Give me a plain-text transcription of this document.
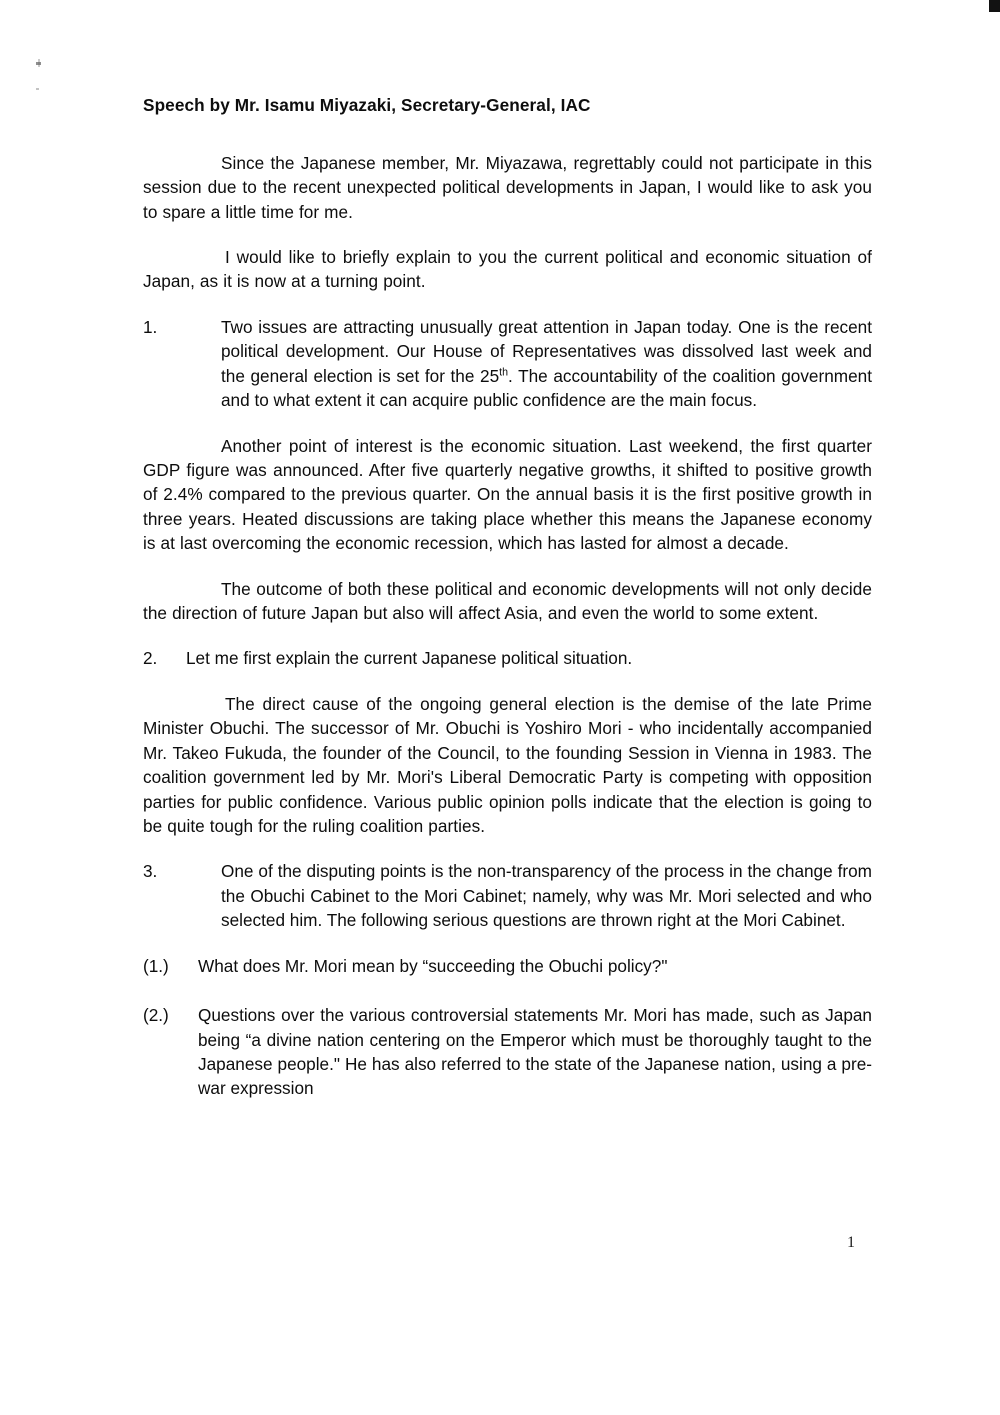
Speech by Mr. Isamu Miyazaki, Secretary-General, IAC

Since the Japanese member, Mr. Miyazawa, regrettably could not participate in this session due to the recent unexpected political developments in Japan, I would like to ask you to spare a little time for me.

I would like to briefly explain to you the current political and economic situation of Japan, as it is now at a turning point.

1.	Two issues are attracting unusually great attention in Japan today. One is the recent political development. Our House of Representatives was dissolved last week and the general election is set for the 25th. The accountability of the coalition government and to what extent it can acquire public confidence are the main focus.

Another point of interest is the economic situation. Last weekend, the first quarter GDP figure was announced. After five quarterly negative growths, it shifted to positive growth of 2.4% compared to the previous quarter. On the annual basis it is the first positive growth in three years. Heated discussions are taking place whether this means the Japanese economy is at last overcoming the economic recession, which has lasted for almost a decade.

The outcome of both these political and economic developments will not only decide the direction of future Japan but also will affect Asia, and even the world to some extent.

2.	Let me first explain the current Japanese political situation.

The direct cause of the ongoing general election is the demise of the late Prime Minister Obuchi. The successor of Mr. Obuchi is Yoshiro Mori - who incidentally accompanied Mr. Takeo Fukuda, the founder of the Council, to the founding Session in Vienna in 1983. The coalition government led by Mr. Mori's Liberal Democratic Party is competing with opposition parties for public confidence. Various public opinion polls indicate that the election is going to be quite tough for the ruling coalition parties.

3.	One of the disputing points is the non-transparency of the process in the change from the Obuchi Cabinet to the Mori Cabinet; namely, why was Mr. Mori selected and who selected him. The following serious questions are thrown right at the Mori Cabinet.
(1.)	What does Mr. Mori mean by “succeeding the Obuchi policy?"
(2.)	Questions over the various controversial statements Mr. Mori has made, such as Japan being “a divine nation centering on the Emperor which must be thoroughly taught to the Japanese people." He has also referred to the state of the Japanese nation, using a pre-war expression
1
